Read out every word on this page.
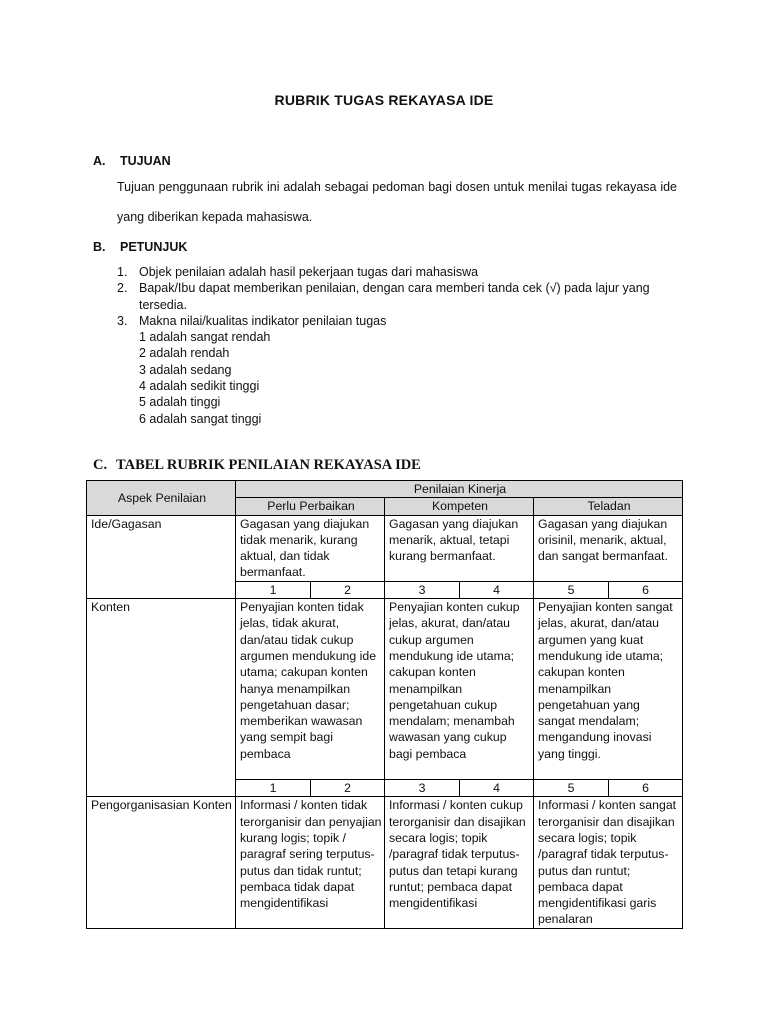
RUBRIK TUGAS REKAYASA IDE
A. TUJUAN
Tujuan penggunaan rubrik ini adalah sebagai pedoman bagi dosen untuk menilai tugas rekayasa ide yang diberikan kepada mahasiswa.
B. PETUNJUK
1. Objek penilaian adalah hasil pekerjaan tugas dari mahasiswa
2. Bapak/Ibu dapat memberikan penilaian, dengan cara memberi tanda cek (√) pada lajur yang tersedia.
3. Makna nilai/kualitas indikator penilaian tugas
1 adalah sangat rendah
2 adalah rendah
3 adalah sedang
4 adalah sedikit tinggi
5 adalah tinggi
6 adalah sangat tinggi
C. TABEL RUBRIK PENILAIAN REKAYASA IDE
Aspek Penilaian	Penilaian Kinerja					
	Perlu Perbaikan		Kompeten		Teladan	
Ide/Gagasan	Gagasan yang diajukan tidak menarik, kurang aktual, dan tidak bermanfaat.		Gagasan yang diajukan menarik, aktual, tetapi kurang bermanfaat.		Gagasan yang diajukan orisinil, menarik, aktual, dan sangat bermanfaat.	
	1	2	3	4	5	6
Konten	Penyajian konten tidak jelas, tidak akurat, dan/atau tidak cukup argumen mendukung ide utama; cakupan konten hanya menampilkan pengetahuan dasar; memberikan wawasan yang sempit bagi pembaca		Penyajian konten cukup jelas, akurat, dan/atau cukup argumen mendukung ide utama; cakupan konten menampilkan pengetahuan cukup mendalam; menambah wawasan yang cukup bagi pembaca		Penyajian konten sangat jelas, akurat, dan/atau argumen yang kuat mendukung ide utama; cakupan konten menampilkan pengetahuan yang sangat mendalam; mengandung inovasi yang tinggi.	
	1	2	3	4	5	6
Pengorganisasian Konten	Informasi / konten tidak terorganisir dan penyajian kurang logis; topik / paragraf sering terputus-putus dan tidak runtut; pembaca tidak dapat mengidentifikasi		Informasi / konten cukup terorganisir dan disajikan secara logis; topik /paragraf tidak terputus-putus dan tetapi kurang runtut; pembaca dapat mengidentifikasi		Informasi / konten sangat terorganisir dan disajikan secara logis; topik /paragraf tidak terputus-putus dan runtut; pembaca dapat mengidentifikasi garis penalaran	
